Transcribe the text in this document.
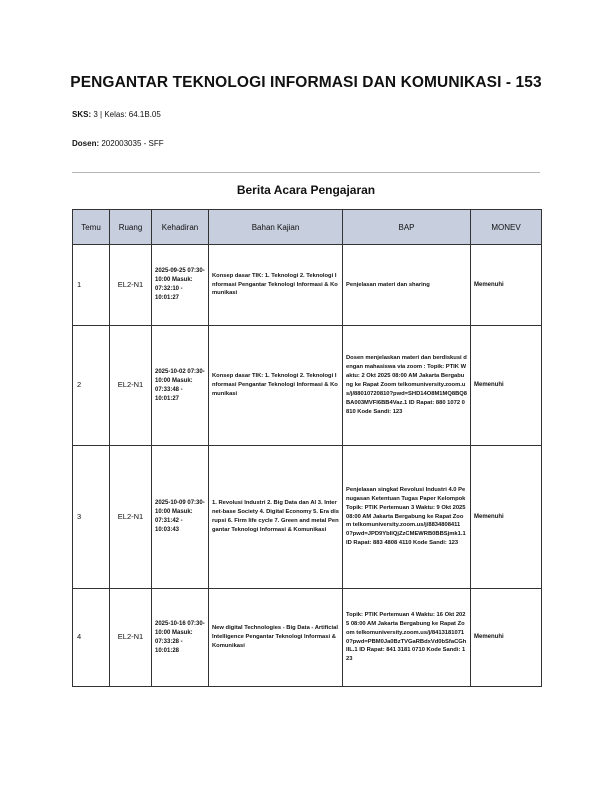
PENGANTAR TEKNOLOGI INFORMASI DAN KOMUNIKASI - 153
SKS: 3 | Kelas: 64.1B.05
Dosen: 202003035 - SFF
Berita Acara Pengajaran
Temu	Ruang	Kehadiran	Bahan Kajian	BAP	MONEV
1	EL2-N1	2025-09-25 07:30-10:00 Masuk: 07:32:10 - 10:01:27	Konsep dasar TIK: 1. Teknologi 2. Teknologi Informasi Pengantar Teknologi Informasi & Komunikasi	Penjelasan materi dan sharing	Memenuhi
2	EL2-N1	2025-10-02 07:30-10:00 Masuk: 07:33:48 - 10:01:27	Konsep dasar TIK: 1. Teknologi 2. Teknologi Informasi Pengantar Teknologi Informasi & Komunikasi	Dosen menjelaskan materi dan berdiskusi dengan mahasiswa via zoom : Topik: PTIK Waktu: 2 Okt 2025 08:00 AM Jakarta Bergabung ke Rapat Zoom telkomuniversity.zoom.us/j/88010720810?pwd=SHD14O8M1MQ8BQ8BA003MVFI6BB4Vaz.1 ID Rapat: 880 1072 0810 Kode Sandi: 123	Memenuhi
3	EL2-N1	2025-10-09 07:30-10:00 Masuk: 07:31:42 - 10:03:43	1. Revolusi Industri 2. Big Data dan AI 3. Internet-base Society 4. Digital Economy 5. Era disrupsi 6. Firm life cycle 7. Green and metal Pengantar Teknologi Informasi & Komunikasi	Penjelasan singkat Revolusi Industri 4.0 Penugasan Ketentuan Tugas Paper Kelompok Topik: PTIK Pertemuan 3 Waktu: 9 Okt 2025 08:00 AM Jakarta Bergabung ke Rapat Zoom telkomuniversity.zoom.us/j/88348084110?pwd=JPD9YbIlQjZzCMEWRB0BBSjmk1.1 ID Rapat: 883 4808 4110 Kode Sandi: 123	Memenuhi
4	EL2-N1	2025-10-16 07:30-10:00 Masuk: 07:33:28 - 10:01:28	New digital Technologies - Big Data - Artificial Intelligence Pengantar Teknologi Informasi & Komunikasi	Topik: PTIK Pertemuan 4 Waktu: 16 Okt 2025 08:00 AM Jakarta Bergabung ke Rapat Zoom telkomuniversity.zoom.us/j/84131810710?pwd=PBM0Ja0BzTVGaRBdxVd0bSfaCGhIIL.1 ID Rapat: 841 3181 0710 Kode Sandi: 123	Memenuhi
